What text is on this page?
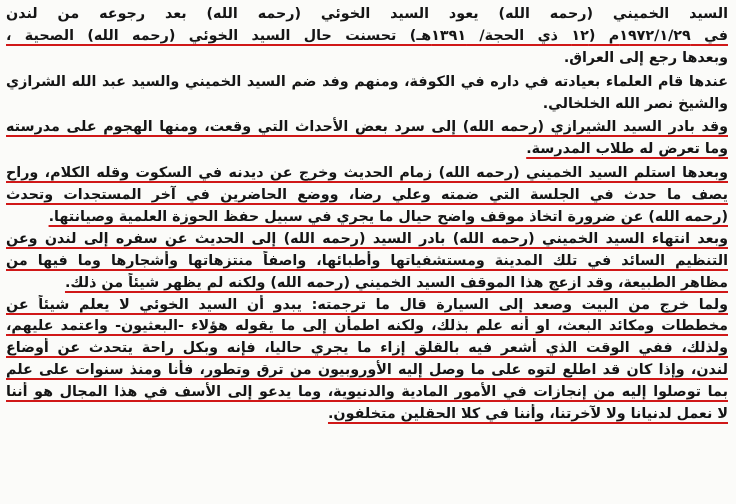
السيد الخميني (رحمه الله) يعود السيد الخوئي (رحمه الله) بعد رجوعه من لندن
في ١٩٧٢/١/٢٩م (١٢ ذي الحجة/ ١٣٩١هـ) تحسنت حال السيد الخوئي (رحمه الله) الصحية ،
وبعدها رجع إلى العراق.
عندها قام العلماء بعيادته في داره في الكوفة، ومنهم وفد ضم السيد الخميني والسيد عبد الله الشرازي
والشيخ نصر الله الخلخالي.
وقد بادر السيد الشيرازي (رحمه الله) إلى سرد بعض الأحداث التي وقعت، ومنها الهجوم على مدرسته
وما تعرض له طلاب المدرسة.
وبعدها استلم السيد الخميني (رحمه الله) زمام الحديث وخرج عن ديدنه في السكوت وقله الكلام، وراح
يصف ما حدث في الجلسة التي ضمته وعلي رضا، ووضع الحاضرين في آخر المستجدات وتحدث
(رحمه الله) عن ضرورة اتخاذ موقف واضح حيال ما يجري في سبيل حفظ الحوزة العلمية وصيانتها.
وبعد انتهاء السيد الخميني (رحمه الله) بادر السيد (رحمه الله) إلى الحديث عن سفره إلى لندن وعن
التنظيم السائد في تلك المدينة ومستشفياتها وأطبائها، واصفاً منتزهاتها وأشجارها وما فيها من
مظاهر الطبيعة، وقد ازعج هذا الموقف السيد الخميني (رحمه الله) ولكنه لم يظهر شيئاً من ذلك.
ولما خرج من البيت وصعد إلى السيارة قال ما ترجمته: يبدو أن السيد الخوئي لا يعلم شيئاً عن
مخططات ومكائد البعث، او أنه علم بذلك، ولكنه اطمأن إلى ما يقوله هؤلاء -البعثيون- واعتمد عليهم،
ولذلك، ففي الوقت الذي أشعر فيه بالقلق إزاء ما يجري حاليا، فإنه وبكل راحة يتحدث عن أوضاع
لندن، وإذا كان قد اطلع لتوه على ما وصل إليه الأوروبيون من ترق وتطور، فأنا ومنذ سنوات على علم
بما توصلوا إليه من إنجازات في الأمور المادية والدنيوية، وما يدعو إلى الأسف في هذا المجال هو أننا
لا نعمل لدنيانا ولا لآخرتنا، وأننا في كلا الحقلين متخلفون.
